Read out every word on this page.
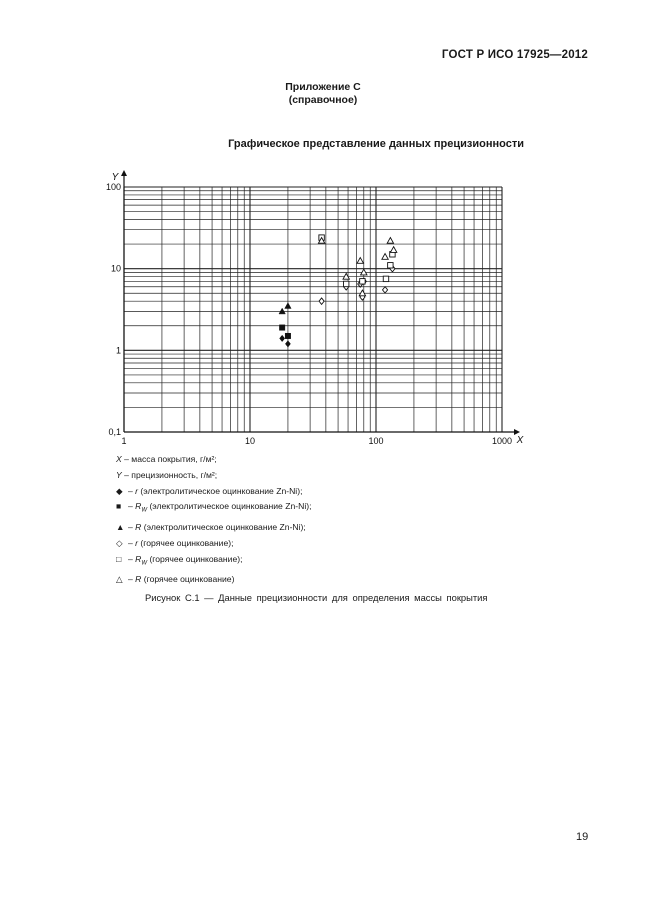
ГОСТ Р ИСО 17925—2012
Приложение С
(справочное)
Графическое представление данных прецизионности
1	10	100	1000
0,1
1
10
100
X
Y
X – масса покрытия, г/м²;
Y – прецизионность, г/м²;
◆ – r (электролитическое оцинкование Zn-Ni);
■ – $R_W$ (электролитическое оцинкование Zn-Ni);
▲ – R (электролитическое оцинкование Zn-Ni);
◇ – r (горячее оцинкование);
□ – $R_W$ (горячее оцинкование);
△ – R (горячее оцинкование)
Рисунок С.1 — Данные прецизионности для определения массы покрытия
19
